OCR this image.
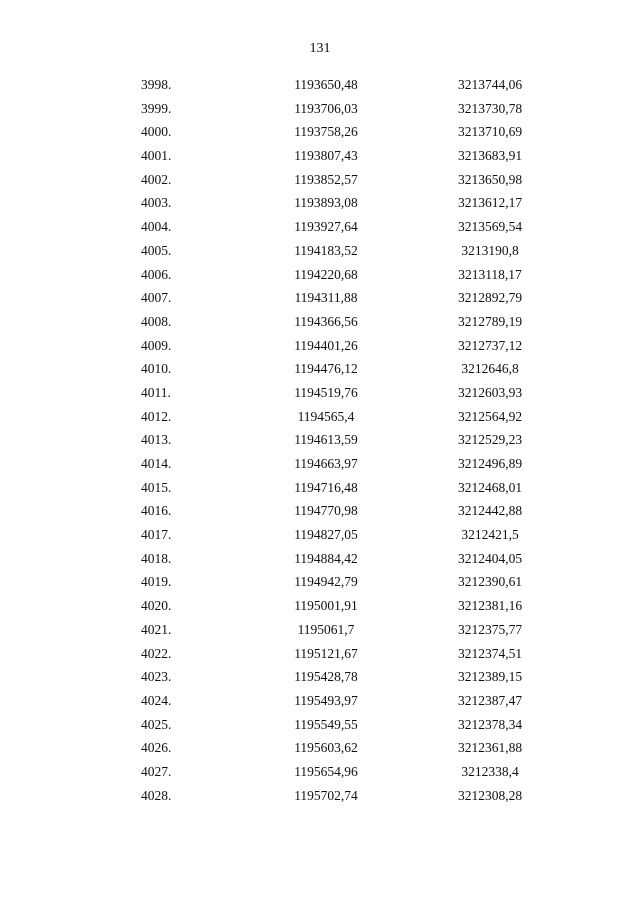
131
3998.	1193650,48	3213744,06
3999.	1193706,03	3213730,78
4000.	1193758,26	3213710,69
4001.	1193807,43	3213683,91
4002.	1193852,57	3213650,98
4003.	1193893,08	3213612,17
4004.	1193927,64	3213569,54
4005.	1194183,52	3213190,8
4006.	1194220,68	3213118,17
4007.	1194311,88	3212892,79
4008.	1194366,56	3212789,19
4009.	1194401,26	3212737,12
4010.	1194476,12	3212646,8
4011.	1194519,76	3212603,93
4012.	1194565,4	3212564,92
4013.	1194613,59	3212529,23
4014.	1194663,97	3212496,89
4015.	1194716,48	3212468,01
4016.	1194770,98	3212442,88
4017.	1194827,05	3212421,5
4018.	1194884,42	3212404,05
4019.	1194942,79	3212390,61
4020.	1195001,91	3212381,16
4021.	1195061,7	3212375,77
4022.	1195121,67	3212374,51
4023.	1195428,78	3212389,15
4024.	1195493,97	3212387,47
4025.	1195549,55	3212378,34
4026.	1195603,62	3212361,88
4027.	1195654,96	3212338,4
4028.	1195702,74	3212308,28
